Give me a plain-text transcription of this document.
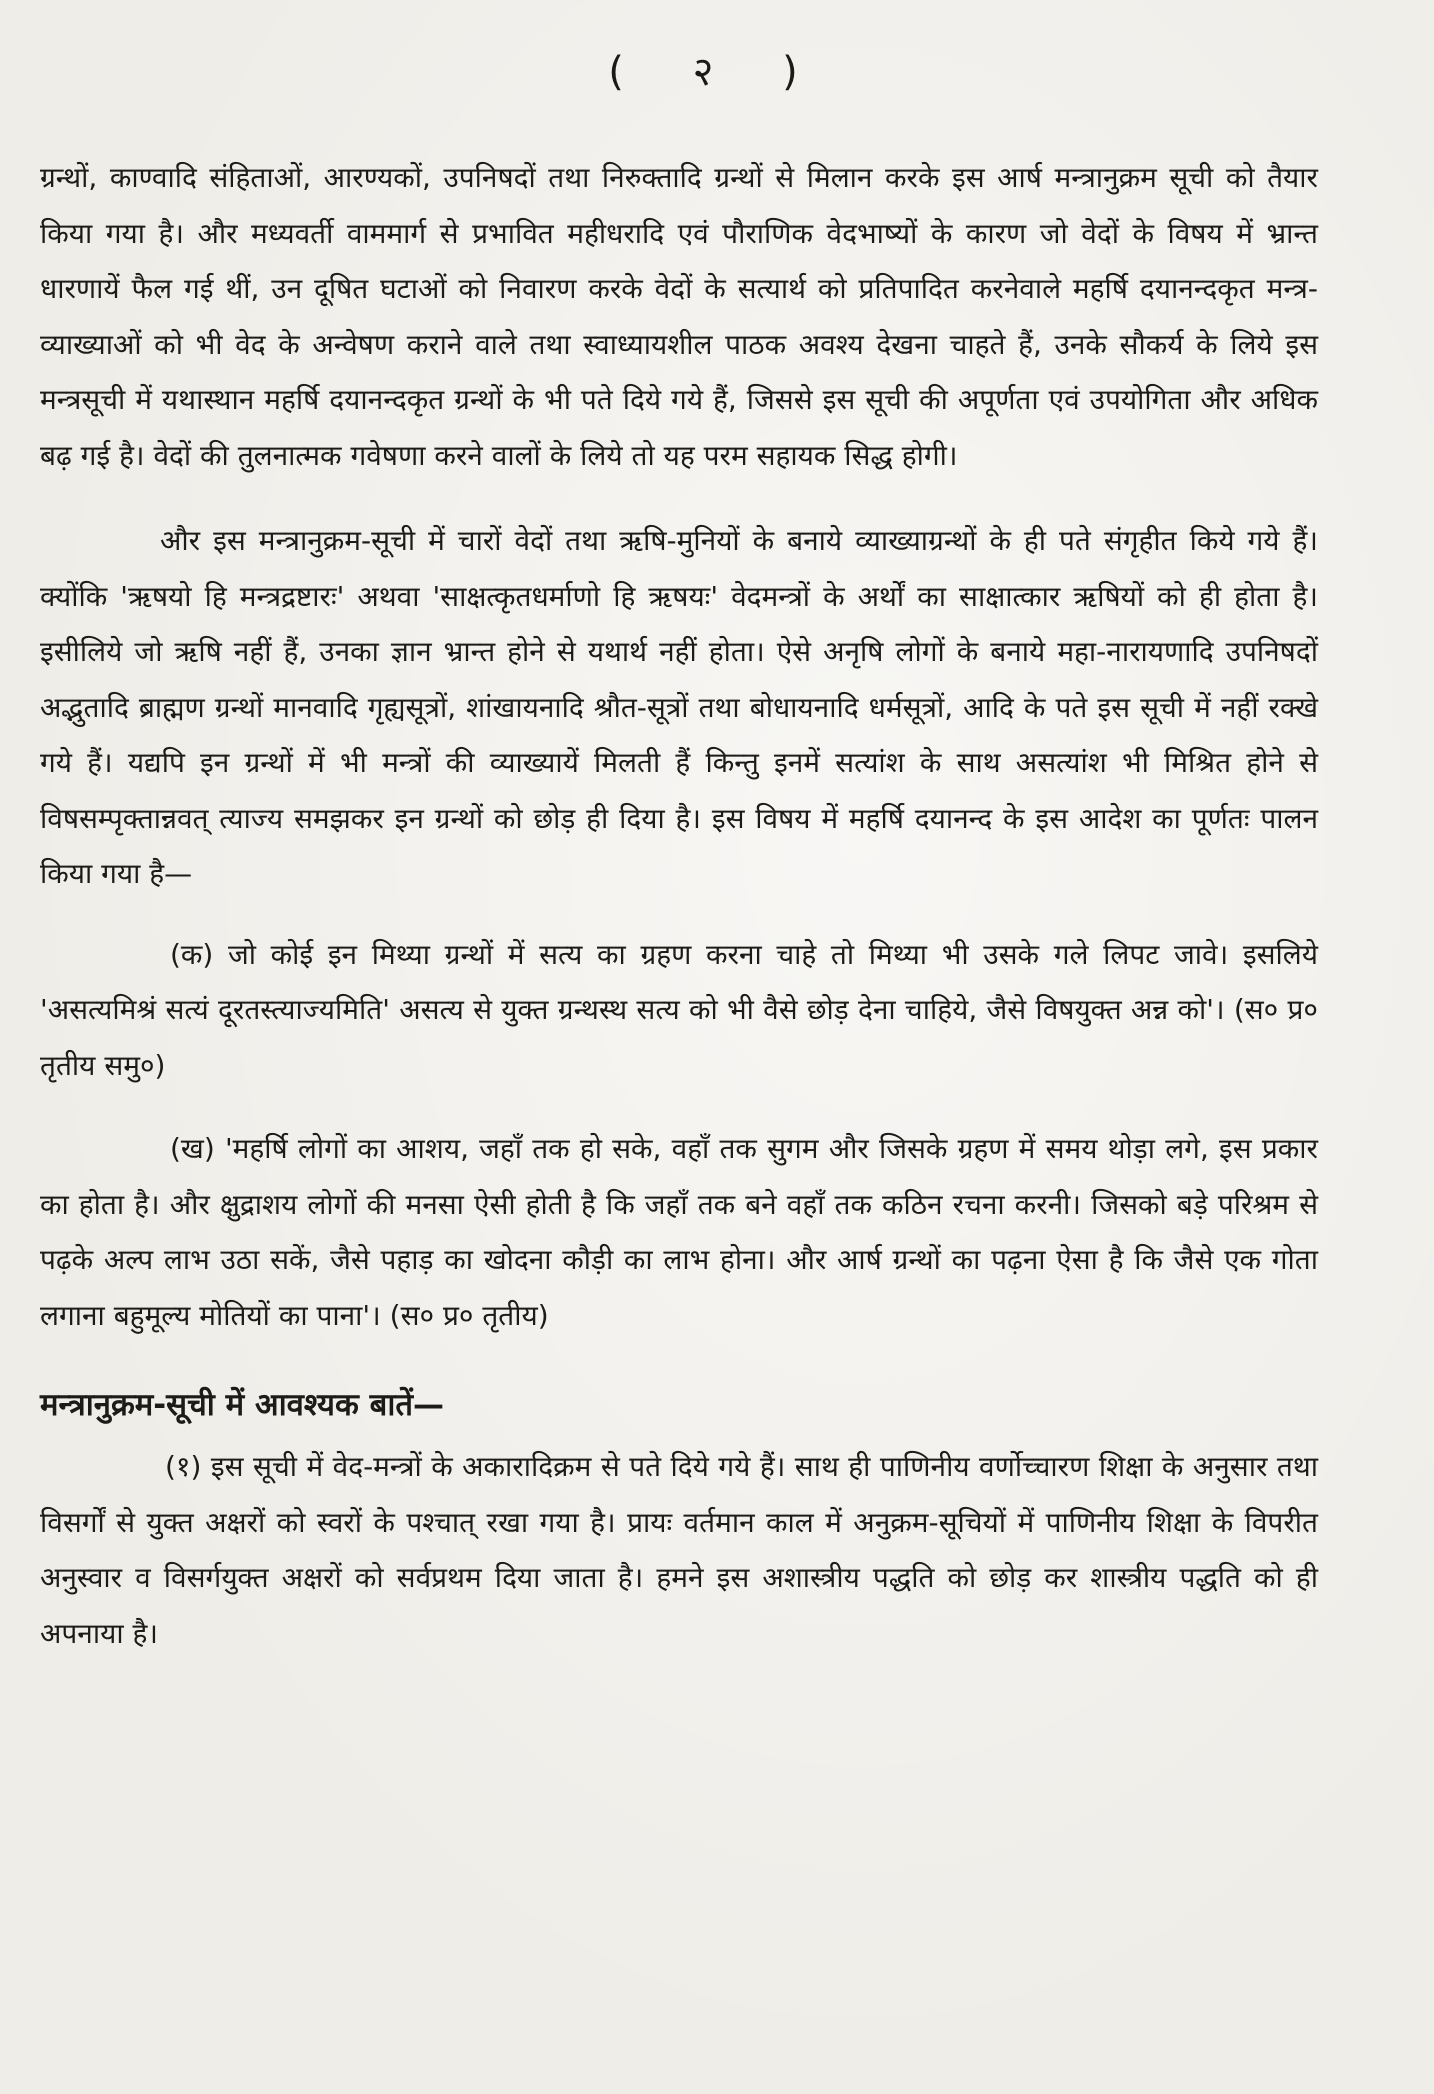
( २ )

ग्रन्थों, काण्वादि संहिताओं, आरण्यकों, उपनिषदों तथा निरुक्तादि ग्रन्थों से मिलान करके इस आर्ष मन्त्रानुक्रम सूची को तैयार किया गया है। और मध्यवर्ती वाममार्ग से प्रभावित महीधरादि एवं पौराणिक वेदभाष्यों के कारण जो वेदों के विषय में भ्रान्त धारणायें फैल गई थीं, उन दूषित घटाओं को निवारण करके वेदों के सत्यार्थ को प्रतिपादित करनेवाले महर्षि दयानन्दकृत मन्त्र-व्याख्याओं को भी वेद के अन्वेषण कराने वाले तथा स्वाध्यायशील पाठक अवश्य देखना चाहते हैं, उनके सौकर्य के लिये इस मन्त्रसूची में यथास्थान महर्षि दयानन्दकृत ग्रन्थों के भी पते दिये गये हैं, जिससे इस सूची की अपूर्णता एवं उपयोगिता और अधिक बढ़ गई है। वेदों की तुलनात्मक गवेषणा करने वालों के लिये तो यह परम सहायक सिद्ध होगी।

और इस मन्त्रानुक्रम-सूची में चारों वेदों तथा ऋषि-मुनियों के बनाये व्याख्याग्रन्थों के ही पते संगृहीत किये गये हैं। क्योंकि 'ऋषयो हि मन्त्रद्रष्टारः' अथवा 'साक्षत्कृतधर्माणो हि ऋषयः' वेदमन्त्रों के अर्थों का साक्षात्कार ऋषियों को ही होता है। इसीलिये जो ऋषि नहीं हैं, उनका ज्ञान भ्रान्त होने से यथार्थ नहीं होता। ऐसे अनृषि लोगों के बनाये महा-नारायणादि उपनिषदों अद्भुतादि ब्राह्मण ग्रन्थों मानवादि गृह्यसूत्रों, शांखायनादि श्रौत-सूत्रों तथा बोधायनादि धर्मसूत्रों, आदि के पते इस सूची में नहीं रक्खे गये हैं। यद्यपि इन ग्रन्थों में भी मन्त्रों की व्याख्यायें मिलती हैं किन्तु इनमें सत्यांश के साथ असत्यांश भी मिश्रित होने से विषसम्पृक्तान्नवत् त्याज्य समझकर इन ग्रन्थों को छोड़ ही दिया है। इस विषय में महर्षि दयानन्द के इस आदेश का पूर्णतः पालन किया गया है—

(क) जो कोई इन मिथ्या ग्रन्थों में सत्य का ग्रहण करना चाहे तो मिथ्या भी उसके गले लिपट जावे। इसलिये 'असत्यमिश्रं सत्यं दूरतस्त्याज्यमिति' असत्य से युक्त ग्रन्थस्थ सत्य को भी वैसे छोड़ देना चाहिये, जैसे विषयुक्त अन्न को'। (स० प्र० तृतीय समु०)

(ख) 'महर्षि लोगों का आशय, जहाँ तक हो सके, वहाँ तक सुगम और जिसके ग्रहण में समय थोड़ा लगे, इस प्रकार का होता है। और क्षुद्राशय लोगों की मनसा ऐसी होती है कि जहाँ तक बने वहाँ तक कठिन रचना करनी। जिसको बड़े परिश्रम से पढ़के अल्प लाभ उठा सकें, जैसे पहाड़ का खोदना कौड़ी का लाभ होना। और आर्ष ग्रन्थों का पढ़ना ऐसा है कि जैसे एक गोता लगाना बहुमूल्य मोतियों का पाना'। (स० प्र० तृतीय)

मन्त्रानुक्रम-सूची में आवश्यक बातें—

(१) इस सूची में वेद-मन्त्रों के अकारादिक्रम से पते दिये गये हैं। साथ ही पाणिनीय वर्णोच्चारण शिक्षा के अनुसार तथा विसर्गों से युक्त अक्षरों को स्वरों के पश्चात् रखा गया है। प्रायः वर्तमान काल में अनुक्रम-सूचियों में पाणिनीय शिक्षा के विपरीत अनुस्वार व विसर्गयुक्त अक्षरों को सर्वप्रथम दिया जाता है। हमने इस अशास्त्रीय पद्धति को छोड़ कर शास्त्रीय पद्धति को ही अपनाया है।
